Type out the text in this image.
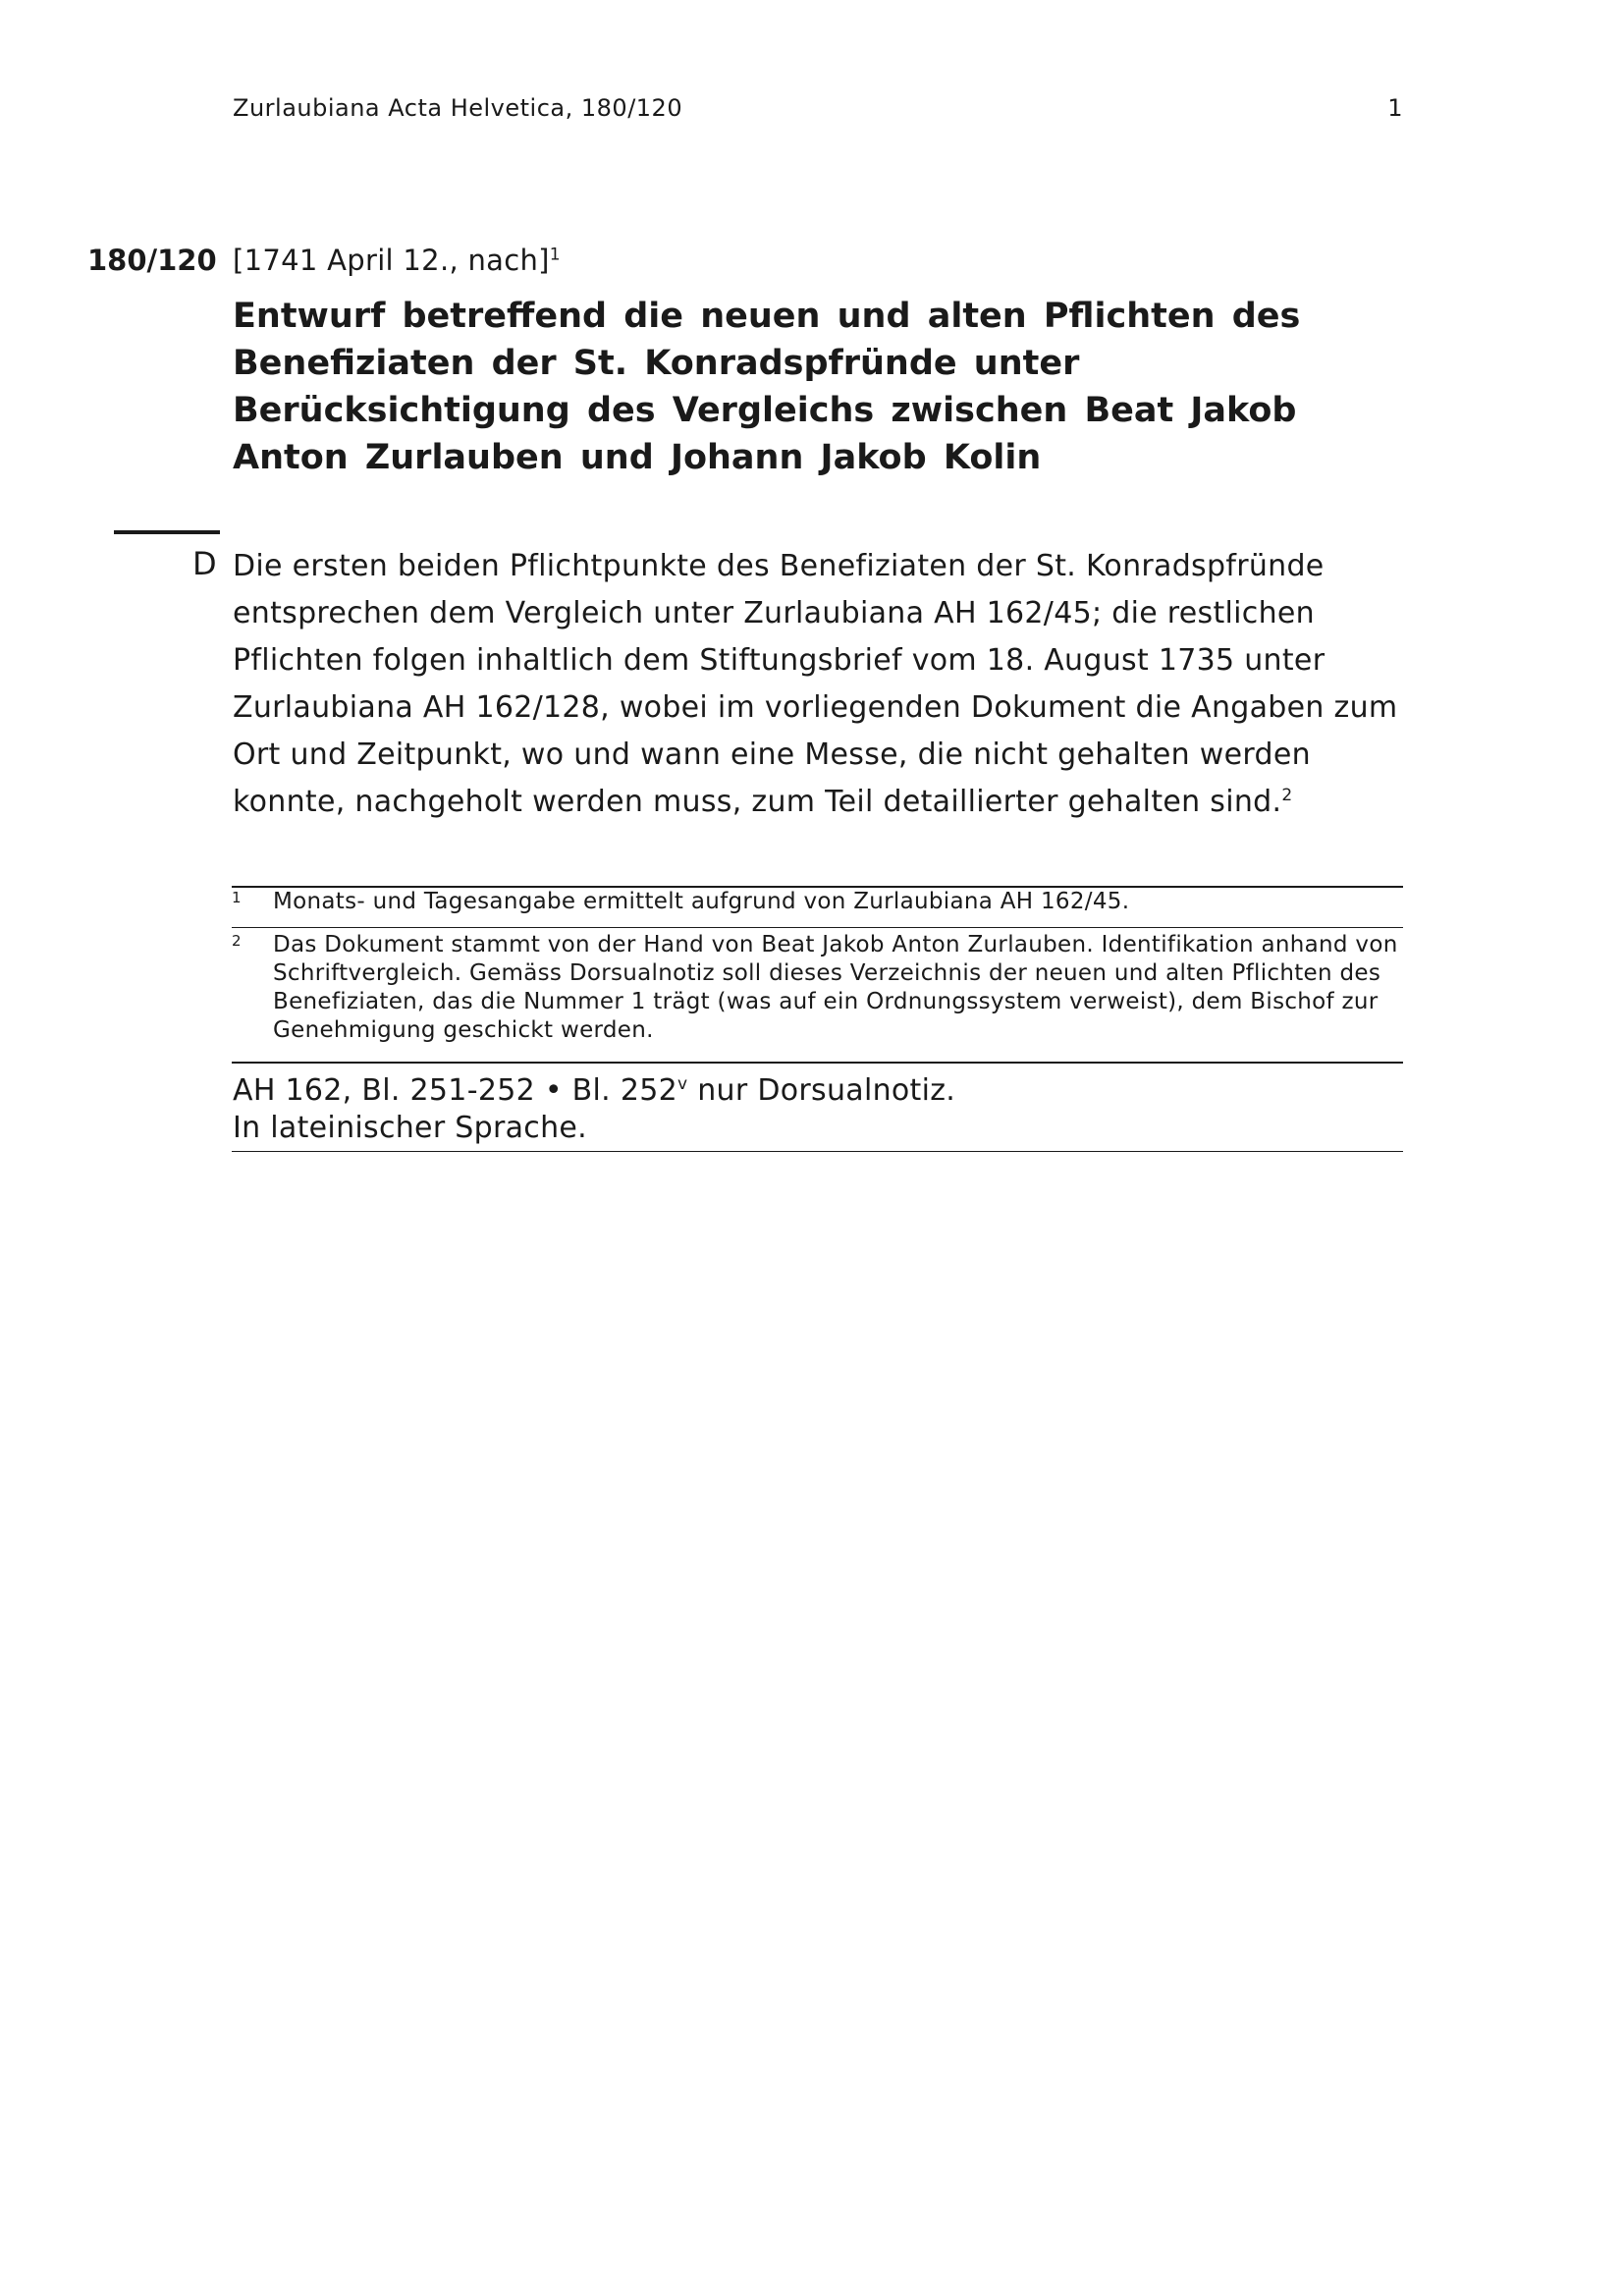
Zurlaubiana Acta Helvetica, 180/120	1
180/120 [1741 April 12., nach]$^1$
Entwurf betreffend die neuen und alten Pflichten des Benefiziaten der St. Konradspfründe unter Berücksichtigung des Vergleichs zwischen Beat Jakob Anton Zurlauben und Johann Jakob Kolin
D Die ersten beiden Pflichtpunkte des Benefiziaten der St. Konradspfründe entsprechen dem Vergleich unter Zurlaubiana AH 162/45; die restlichen Pflichten folgen inhaltlich dem Stiftungsbrief vom 18. August 1735 unter Zurlaubiana AH 162/128, wobei im vorliegenden Dokument die Angaben zum Ort und Zeitpunkt, wo und wann eine Messe, die nicht gehalten werden konnte, nachgeholt werden muss, zum Teil detaillierter gehalten sind.$^2$
1 Monats- und Tagesangabe ermittelt aufgrund von Zurlaubiana AH 162/45.
2 Das Dokument stammt von der Hand von Beat Jakob Anton Zurlauben. Identifikation anhand von Schriftvergleich. Gemäss Dorsualnotiz soll dieses Verzeichnis der neuen und alten Pflichten des Benefiziaten, das die Nummer 1 trägt (was auf ein Ordnungssystem verweist), dem Bischof zur Genehmigung geschickt werden.
AH 162, Bl. 251-252 • Bl. 252$^v$ nur Dorsualnotiz.
In lateinischer Sprache.
